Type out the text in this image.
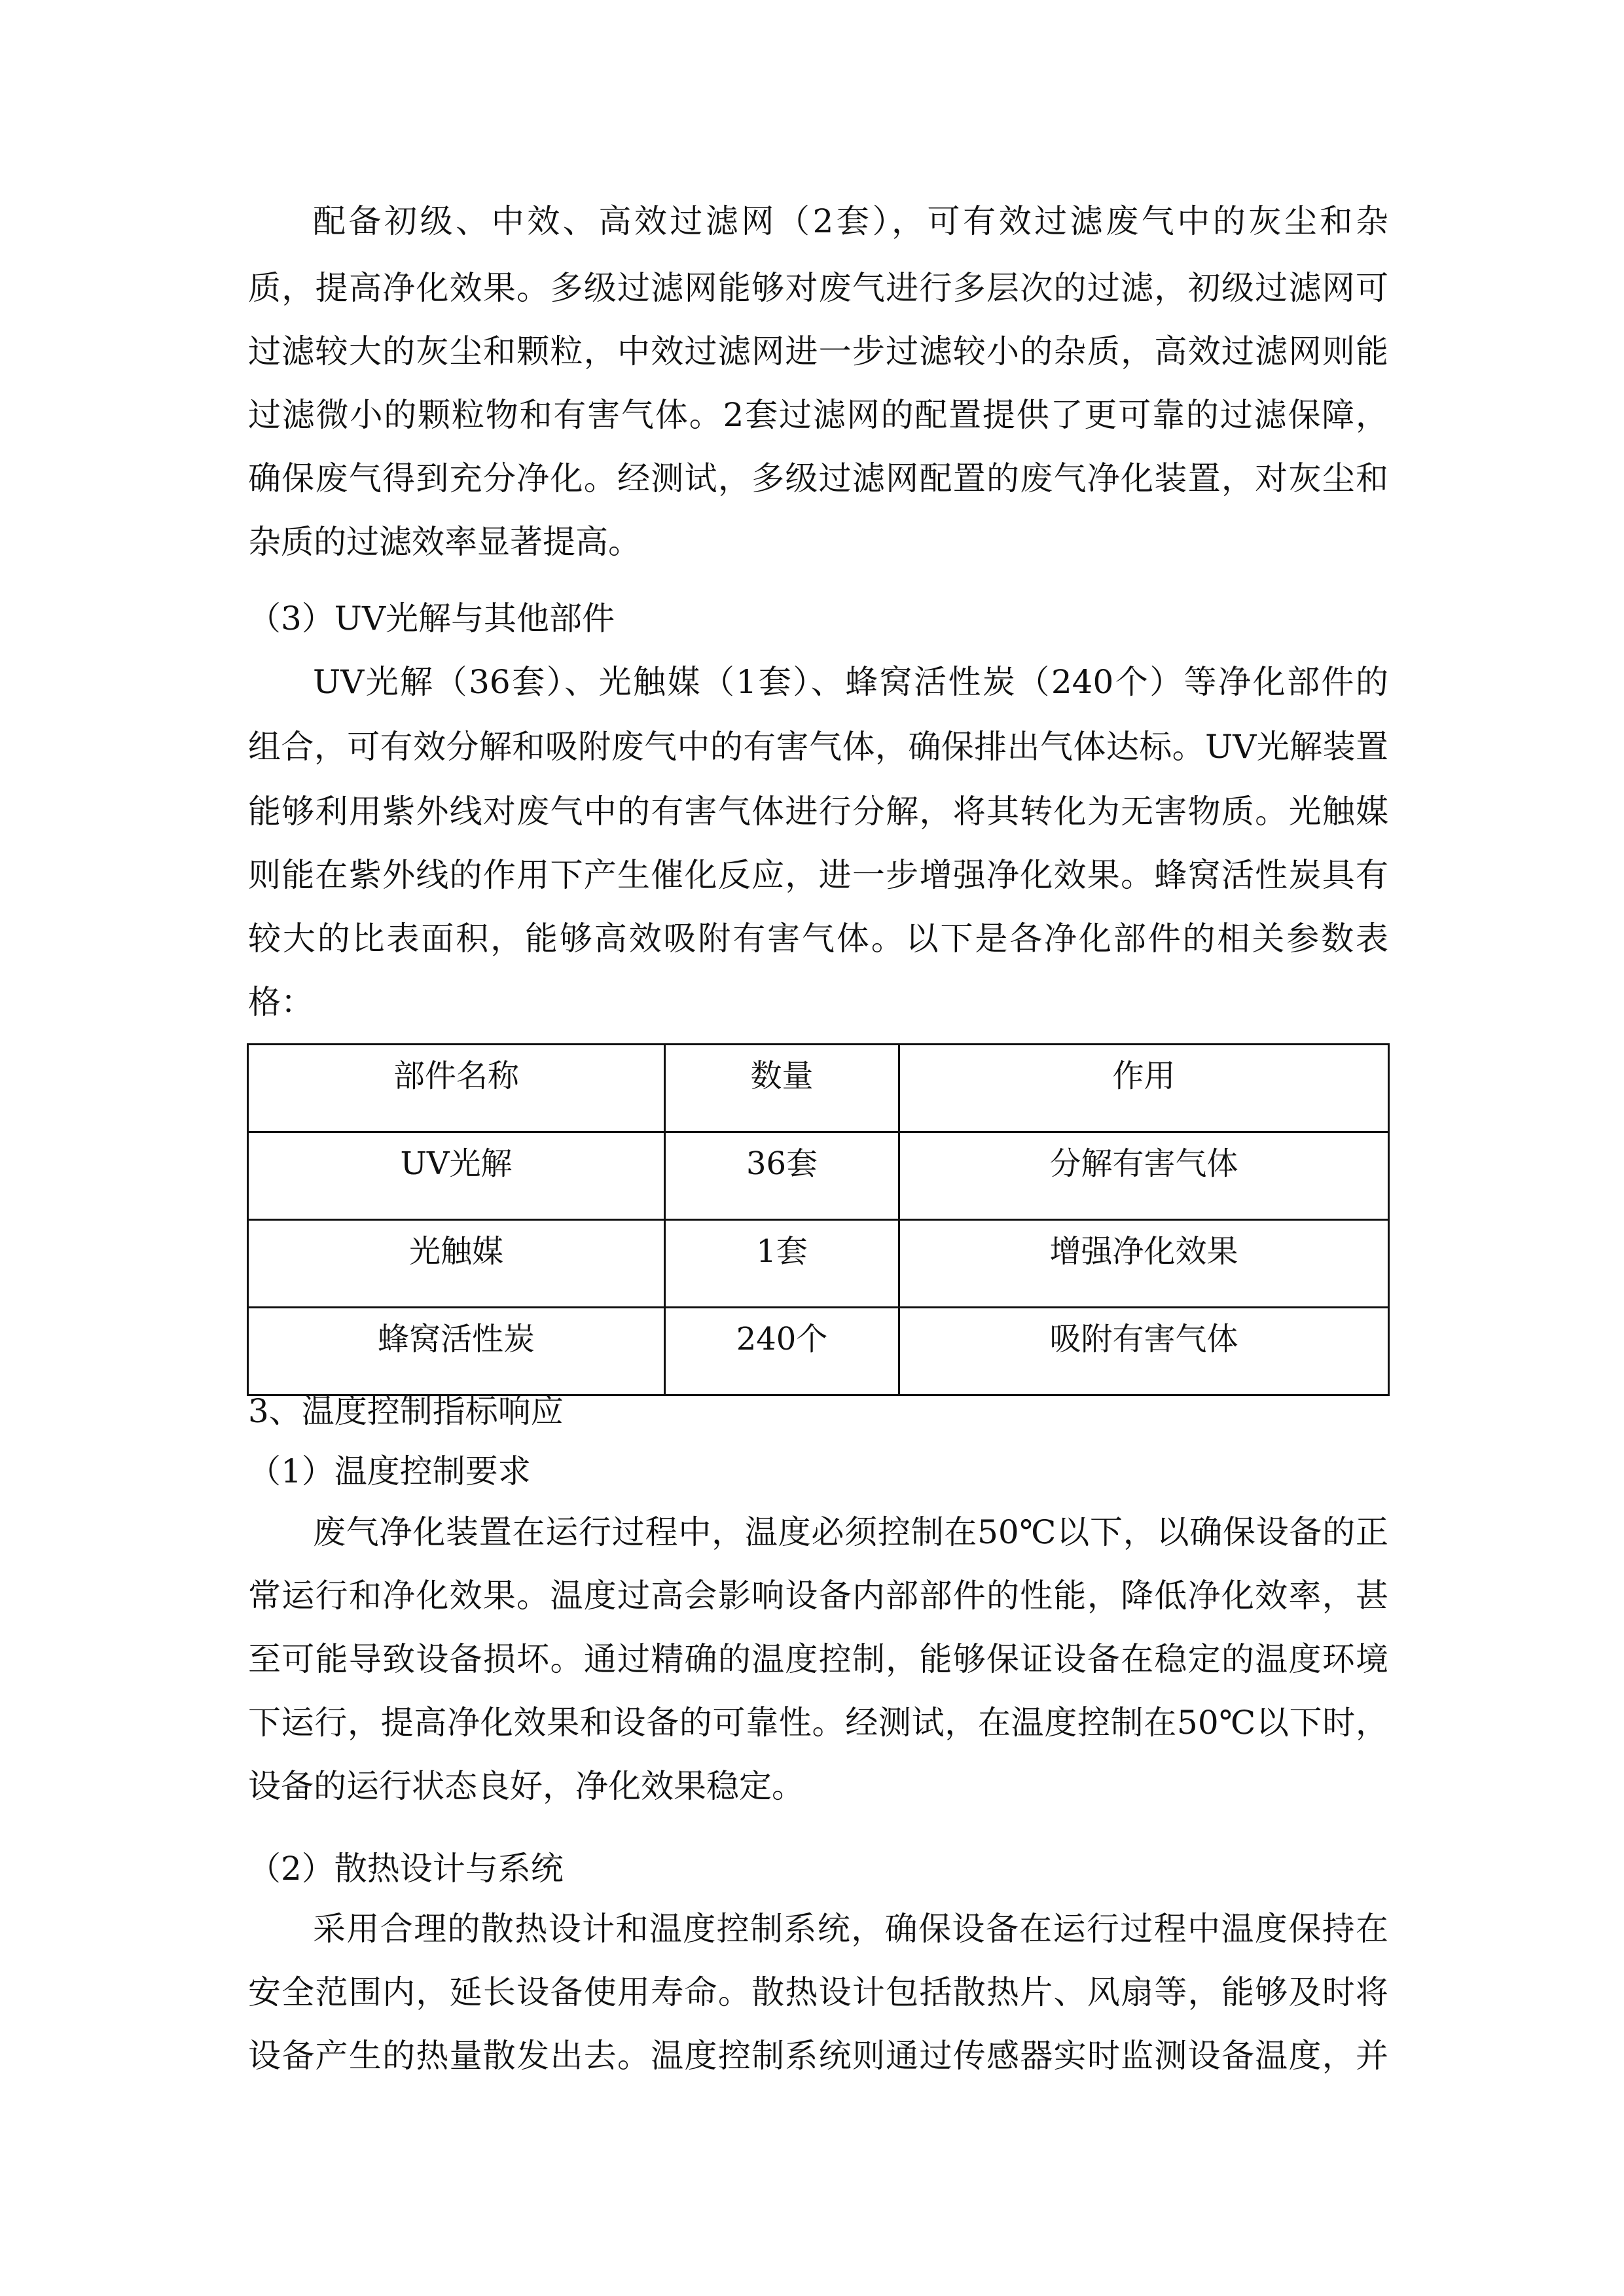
配备初级、中效、高效过滤网（2套），可有效过滤废气中的灰尘和杂
质，提高净化效果。多级过滤网能够对废气进行多层次的过滤，初级过滤网可
过滤较大的灰尘和颗粒，中效过滤网进一步过滤较小的杂质，高效过滤网则能
过滤微小的颗粒物和有害气体。2套过滤网的配置提供了更可靠的过滤保障，
确保废气得到充分净化。经测试，多级过滤网配置的废气净化装置，对灰尘和
杂质的过滤效率显著提高。
（3）UV光解与其他部件
UV光解（36套）、光触媒（1套）、蜂窝活性炭（240个）等净化部件的
组合，可有效分解和吸附废气中的有害气体，确保排出气体达标。UV光解装置
能够利用紫外线对废气中的有害气体进行分解，将其转化为无害物质。光触媒
则能在紫外线的作用下产生催化反应，进一步增强净化效果。蜂窝活性炭具有
较大的比表面积，能够高效吸附有害气体。以下是各净化部件的相关参数表
格：
部件名称	数量	作用
UV光解	36套	分解有害气体
光触媒	1套	增强净化效果
蜂窝活性炭	240个	吸附有害气体
3、温度控制指标响应
（1）温度控制要求
废气净化装置在运行过程中，温度必须控制在50℃以下，以确保设备的正
常运行和净化效果。温度过高会影响设备内部部件的性能，降低净化效率，甚
至可能导致设备损坏。通过精确的温度控制，能够保证设备在稳定的温度环境
下运行，提高净化效果和设备的可靠性。经测试，在温度控制在50℃以下时，
设备的运行状态良好，净化效果稳定。
（2）散热设计与系统
采用合理的散热设计和温度控制系统，确保设备在运行过程中温度保持在
安全范围内，延长设备使用寿命。散热设计包括散热片、风扇等，能够及时将
设备产生的热量散发出去。温度控制系统则通过传感器实时监测设备温度，并
